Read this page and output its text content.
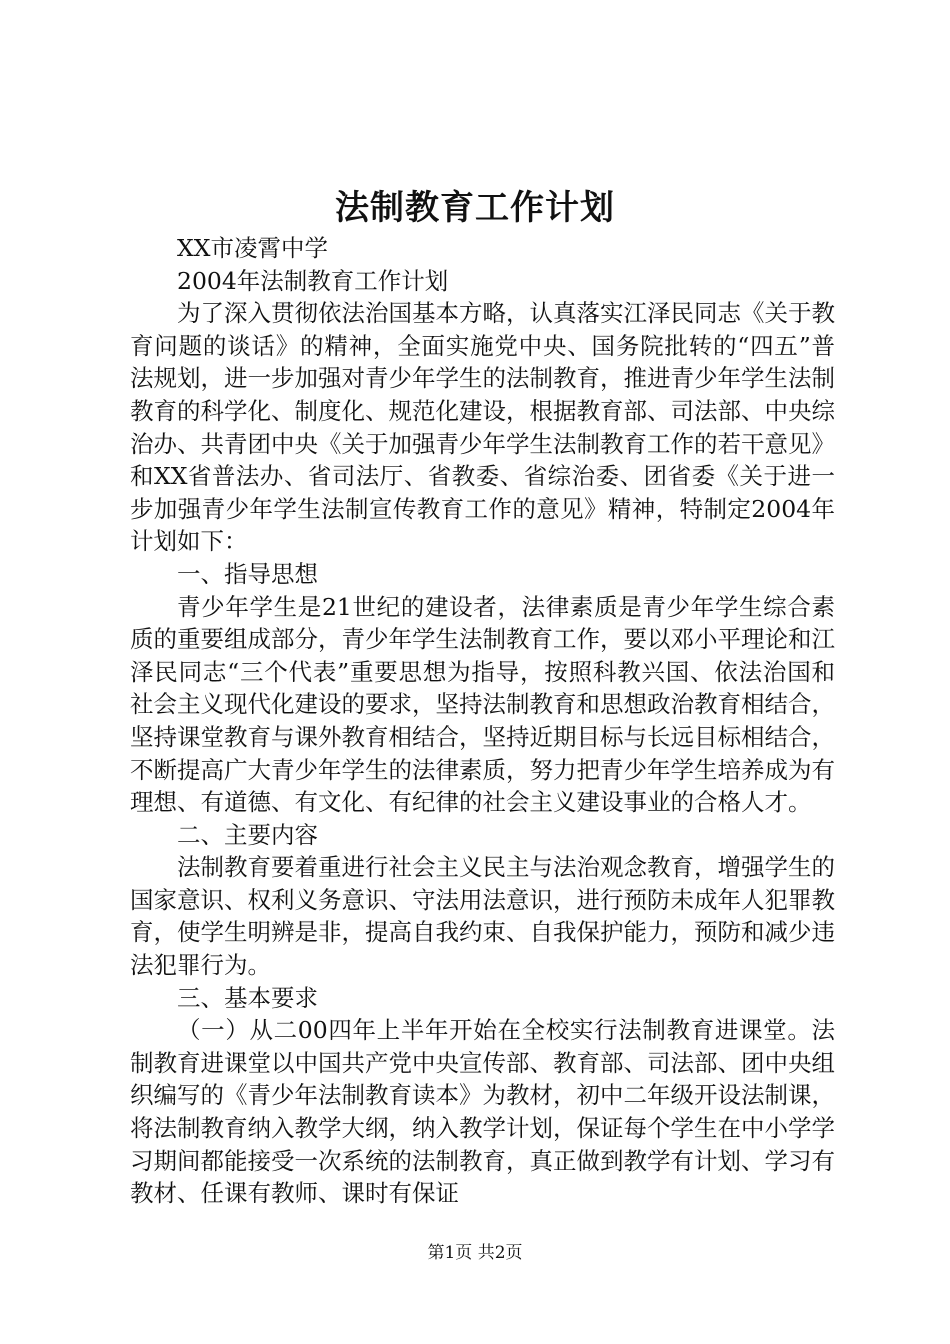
法制教育工作计划

XX市凌霄中学

2004年法制教育工作计划

为了深入贯彻依法治国基本方略，认真落实江泽民同志《关于教育问题的谈话》的精神，全面实施党中央、国务院批转的“四五”普法规划，进一步加强对青少年学生的法制教育，推进青少年学生法制教育的科学化、制度化、规范化建设，根据教育部、司法部、中央综治办、共青团中央《关于加强青少年学生法制教育工作的若干意见》和XX省普法办、省司法厅、省教委、省综治委、团省委《关于进一步加强青少年学生法制宣传教育工作的意见》精神，特制定2004年计划如下：

一、指导思想

青少年学生是21世纪的建设者，法律素质是青少年学生综合素质的重要组成部分，青少年学生法制教育工作，要以邓小平理论和江泽民同志“三个代表”重要思想为指导，按照科教兴国、依法治国和社会主义现代化建设的要求，坚持法制教育和思想政治教育相结合，坚持课堂教育与课外教育相结合，坚持近期目标与长远目标相结合，不断提高广大青少年学生的法律素质，努力把青少年学生培养成为有理想、有道德、有文化、有纪律的社会主义建设事业的合格人才。

二、主要内容

法制教育要着重进行社会主义民主与法治观念教育，增强学生的国家意识、权利义务意识、守法用法意识，进行预防未成年人犯罪教育，使学生明辨是非，提高自我约束、自我保护能力，预防和减少违法犯罪行为。

三、基本要求

（一）从二00四年上半年开始在全校实行法制教育进课堂。法制教育进课堂以中国共产党中央宣传部、教育部、司法部、团中央组织编写的《青少年法制教育读本》为教材，初中二年级开设法制课，将法制教育纳入教学大纲，纳入教学计划，保证每个学生在中小学学习期间都能接受一次系统的法制教育，真正做到教学有计划、学习有教材、任课有教师、课时有保证

第1页 共2页
